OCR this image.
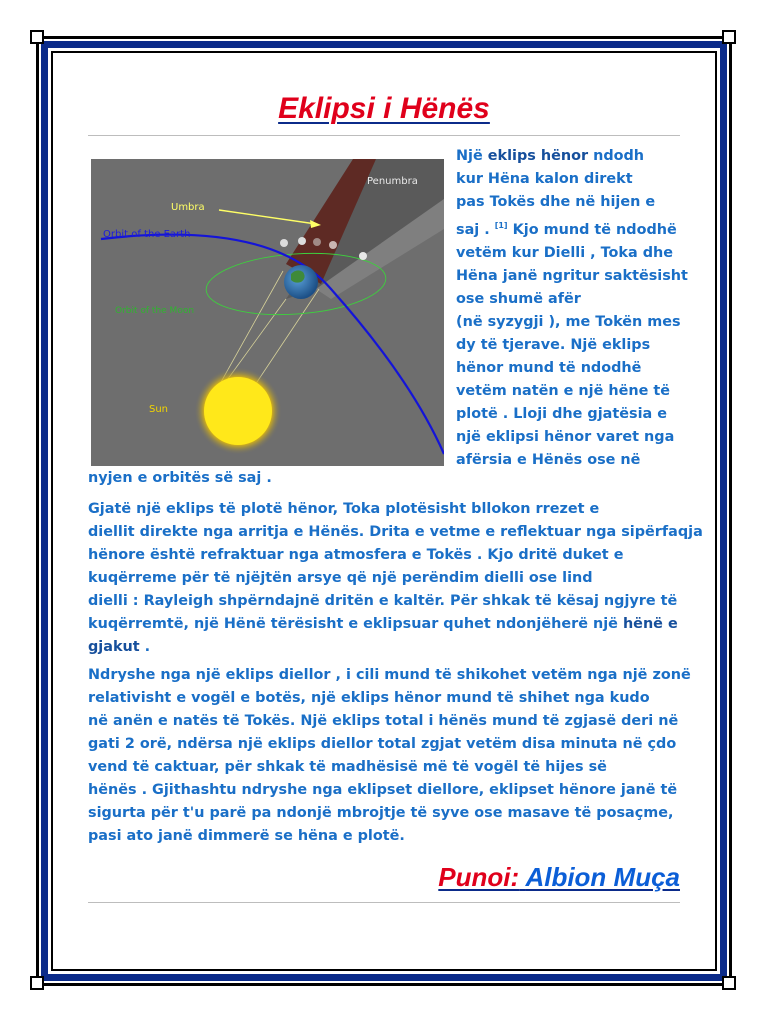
Eklipsi i Hënës
Penumbra
Umbra
Orbit of the Earth
Orbit of the Moon
Sun
Një eklips hënor ndodh
kur Hëna kalon direkt
pas Tokës dhe në hijen e
saj . [1] Kjo mund të ndodhë
vetëm kur Dielli , Toka dhe
Hëna janë ngritur saktësisht
ose shumë afër
(në syzygji ), me Tokën mes
dy të tjerave. Një eklips
hënor mund të ndodhë
vetëm natën e një hëne të
plotë . Lloji dhe gjatësia e
një eklipsi hënor varet nga
afërsia e Hënës ose në
nyjen e orbitës së saj .
Gjatë një eklips të plotë hënor, Toka plotësisht bllokon rrezet e
diellit direkte nga arritja e Hënës. Drita e vetme e reflektuar nga sipërfaqja
hënore është refraktuar nga atmosfera e Tokës . Kjo dritë duket e
kuqërreme për të njëjtën arsye që një perëndim dielli ose lind
dielli : Rayleigh shpërndajnë dritën e kaltër. Për shkak të kësaj ngjyre të
kuqërremtë, një Hënë tërësisht e eklipsuar quhet ndonjëherë një hënë e
gjakut .
Ndryshe nga një eklips diellor , i cili mund të shikohet vetëm nga një zonë
relativisht e vogël e botës, një eklips hënor mund të shihet nga kudo
në anën e natës të Tokës. Një eklips total i hënës mund të zgjasë deri në
gati 2 orë, ndërsa një eklips diellor total zgjat vetëm disa minuta në çdo
vend të caktuar, për shkak të madhësisë më të vogël të hijes së
hënës . Gjithashtu ndryshe nga eklipset diellore, eklipset hënore janë të
sigurta për t'u parë pa ndonjë mbrojtje të syve ose masave të posaçme,
pasi ato janë dimmerë se hëna e plotë.
Punoi: Albion Muça
